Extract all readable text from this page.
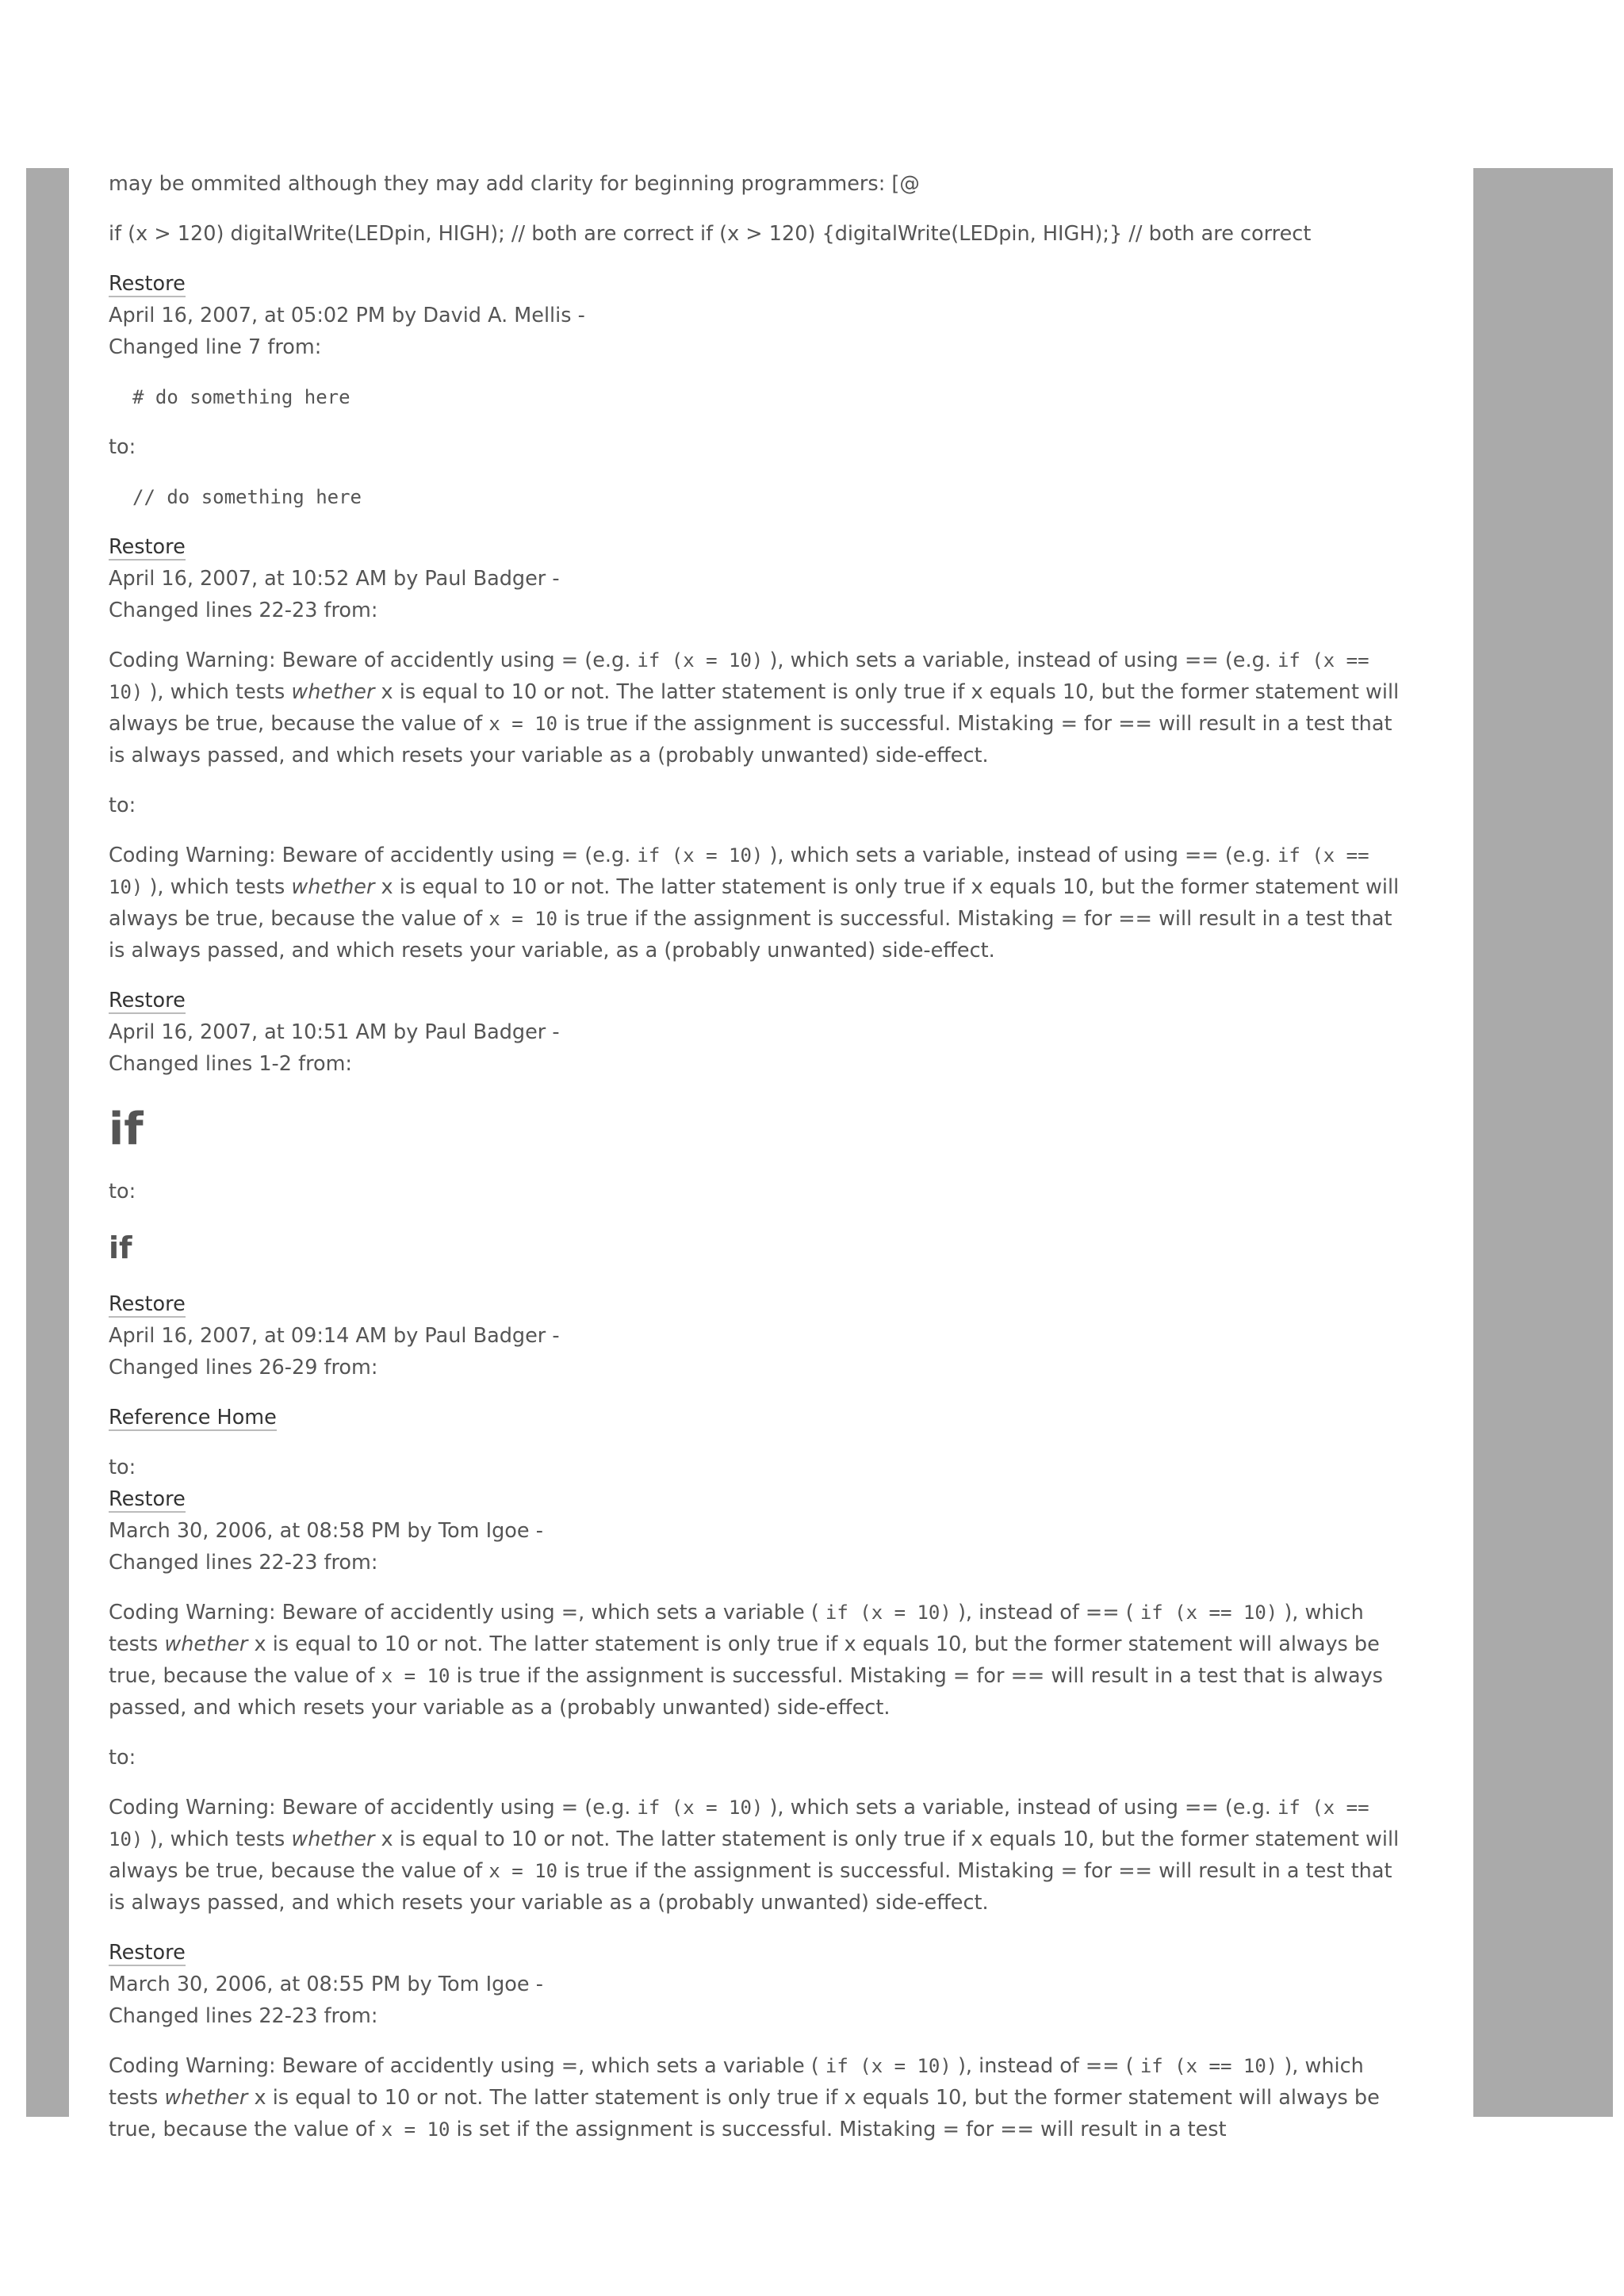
may be ommited although they may add clarity for beginning programmers: [@

if (x > 120) digitalWrite(LEDpin, HIGH); // both are correct if (x > 120) {digitalWrite(LEDpin, HIGH);} // both are correct

Restore
April 16, 2007, at 05:02 PM by David A. Mellis -
Changed line 7 from:
# do something here

to:

// do something here
Restore
April 16, 2007, at 10:52 AM by Paul Badger -
Changed lines 22-23 from:

Coding Warning: Beware of accidently using = (e.g. if (x = 10) ), which sets a variable, instead of using == (e.g. if (x == 10) ), which tests whether x is equal to 10 or not. The latter statement is only true if x equals 10, but the former statement will always be true, because the value of x = 10 is true if the assignment is successful. Mistaking = for == will result in a test that is always passed, and which resets your variable as a (probably unwanted) side-effect.

to:

Coding Warning: Beware of accidently using = (e.g. if (x = 10) ), which sets a variable, instead of using == (e.g. if (x == 10) ), which tests whether x is equal to 10 or not. The latter statement is only true if x equals 10, but the former statement will always be true, because the value of x = 10 is true if the assignment is successful. Mistaking = for == will result in a test that is always passed, and which resets your variable, as a (probably unwanted) side-effect.

Restore
April 16, 2007, at 10:51 AM by Paul Badger -
Changed lines 1-2 from:
if

to:

if
Restore
April 16, 2007, at 09:14 AM by Paul Badger -
Changed lines 26-29 from:

Reference Home

to:
Restore
March 30, 2006, at 08:58 PM by Tom Igoe -
Changed lines 22-23 from:

Coding Warning: Beware of accidently using =, which sets a variable ( if (x = 10) ), instead of == ( if (x == 10) ), which tests whether x is equal to 10 or not. The latter statement is only true if x equals 10, but the former statement will always be true, because the value of x = 10 is true if the assignment is successful. Mistaking = for == will result in a test that is always passed, and which resets your variable as a (probably unwanted) side-effect.

to:

Coding Warning: Beware of accidently using = (e.g. if (x = 10) ), which sets a variable, instead of using == (e.g. if (x == 10) ), which tests whether x is equal to 10 or not. The latter statement is only true if x equals 10, but the former statement will always be true, because the value of x = 10 is true if the assignment is successful. Mistaking = for == will result in a test that is always passed, and which resets your variable as a (probably unwanted) side-effect.

Restore
March 30, 2006, at 08:55 PM by Tom Igoe -
Changed lines 22-23 from:

Coding Warning: Beware of accidently using =, which sets a variable ( if (x = 10) ), instead of == ( if (x == 10) ), which tests whether x is equal to 10 or not. The latter statement is only true if x equals 10, but the former statement will always be true, because the value of x = 10 is set if the assignment is successful. Mistaking = for == will result in a test
